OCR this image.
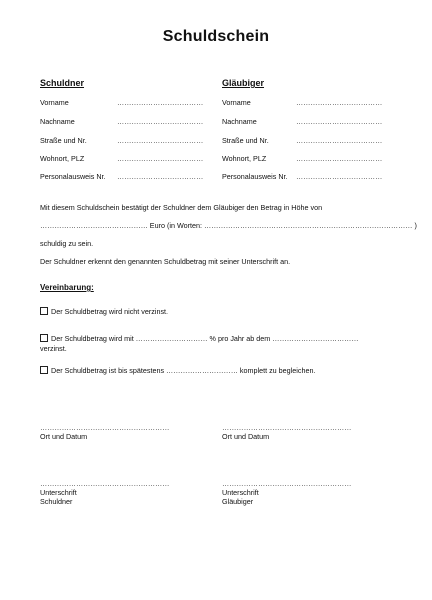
Schuldschein
Schuldner
Vorname	………………………………
Nachname	………………………………
Straße und Nr.	………………………………
Wohnort, PLZ	………………………………
Personalausweis Nr. ………………………………
Gläubiger
Vorname	………………………………
Nachname	………………………………
Straße und Nr.	………………………………
Wohnort, PLZ	………………………………
Personalausweis Nr. ………………………………
Mit diesem Schuldschein bestätigt der Schuldner dem Gläubiger den Betrag in Höhe von
……………………………………… Euro (in Worten: …………………………………………………………………………… )
schuldig zu sein.
Der Schuldner erkennt den genannten Schuldbetrag mit seiner Unterschrift an.
Vereinbarung:
Der Schuldbetrag wird nicht verzinst.
Der Schuldbetrag wird mit ………………………… % pro Jahr ab dem ………………………………
verzinst.
Der Schuldbetrag ist bis spätestens ………………………… komplett zu begleichen.
………………………………………………
Ort und Datum
………………………………………………
Ort und Datum
………………………………………………
Unterschrift
Schuldner
………………………………………………
Unterschrift
Gläubiger
